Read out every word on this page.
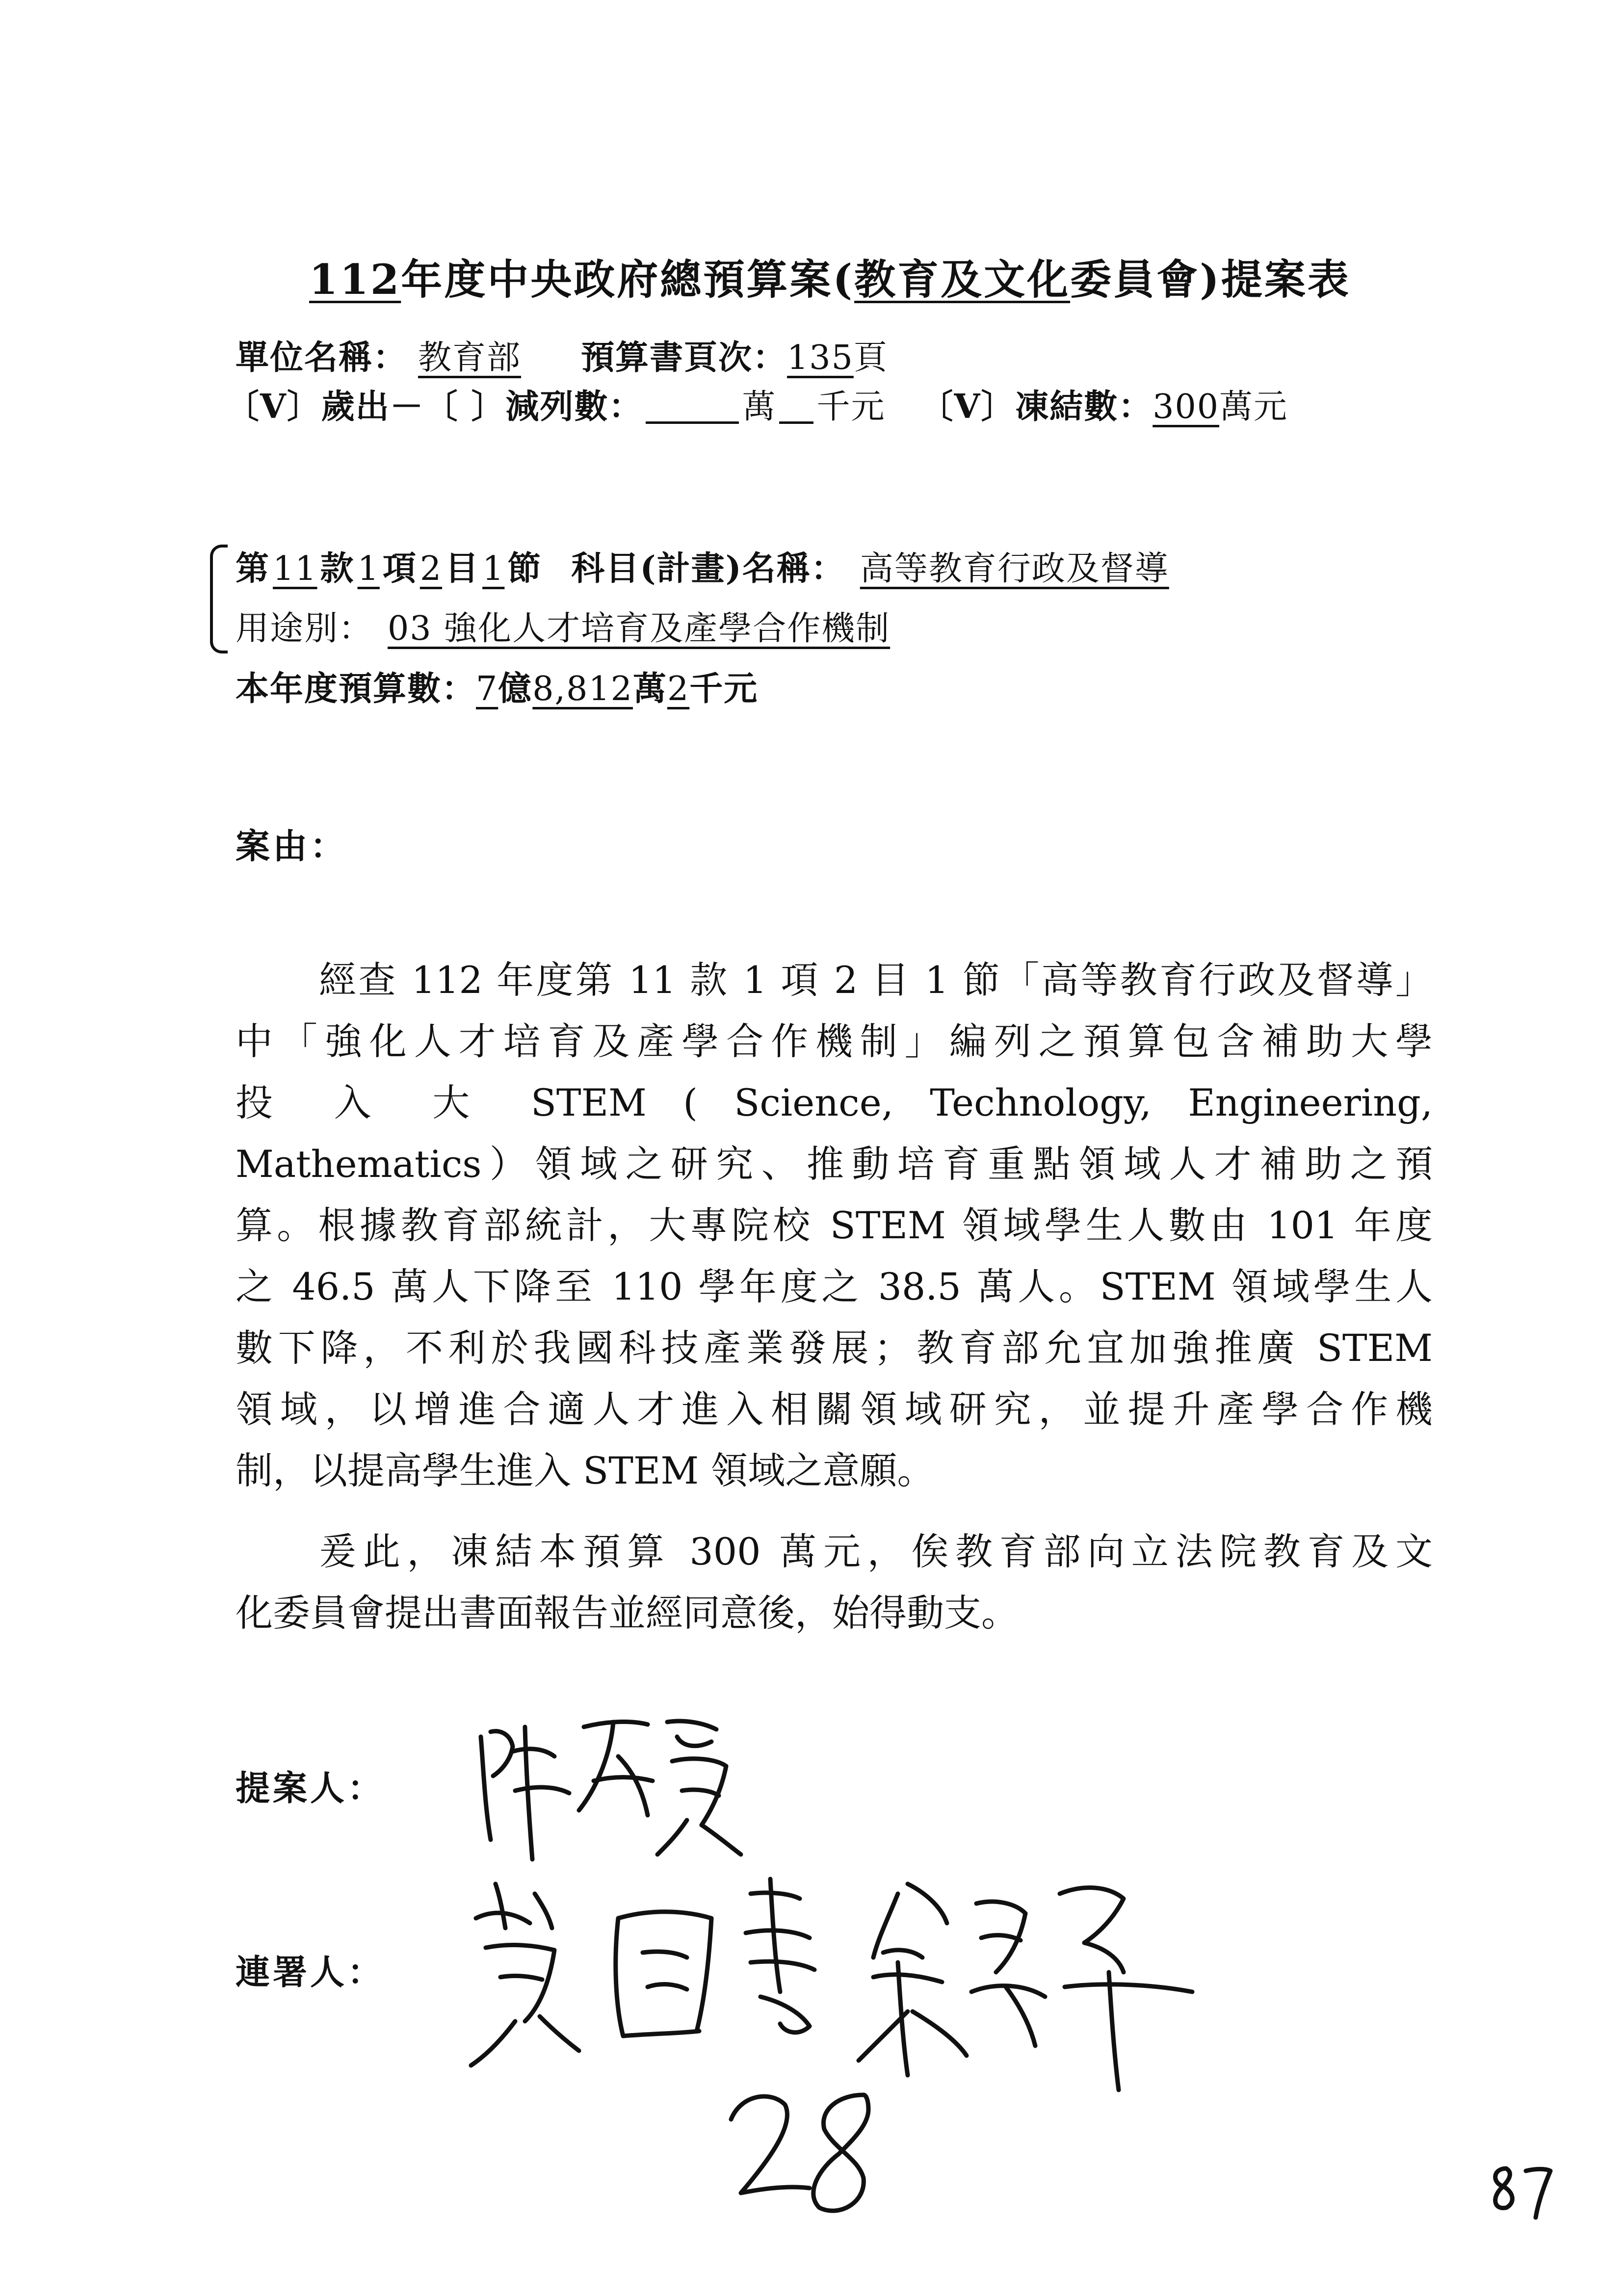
112年度中央政府總預算案(教育及文化委員會)提案表
單位名稱： 教育部 預算書頁次：135頁
〔V〕歲出－〔 〕減列數：	萬 千元 〔V〕凍結數：300萬元
第11款1項2目1節 科目(計畫)名稱： 高等教育行政及督導
用途別： 03 強化人才培育及產學合作機制
本年度預算數：7億8,812萬2千元
案由：
經查 112 年度第 11 款 1 項 2 目 1 節「高等教育行政及督導」
中「強化人才培育及產學合作機制」編列之預算包含補助大學
投 入 大 STEM ( Science, Technology, Engineering,
Mathematics）領域之研究、推動培育重點領域人才補助之預
算。根據教育部統計，大專院校 STEM 領域學生人數由 101 年度
之 46.5 萬人下降至 110 學年度之 38.5 萬人。STEM 領域學生人
數下降，不利於我國科技產業發展；教育部允宜加強推廣 STEM
領域，以增進合適人才進入相關領域研究，並提升產學合作機
制，以提高學生進入 STEM 領域之意願。
爰此，凍結本預算 300 萬元，俟教育部向立法院教育及文
化委員會提出書面報告並經同意後，始得動支。
提案人：
連署人：
